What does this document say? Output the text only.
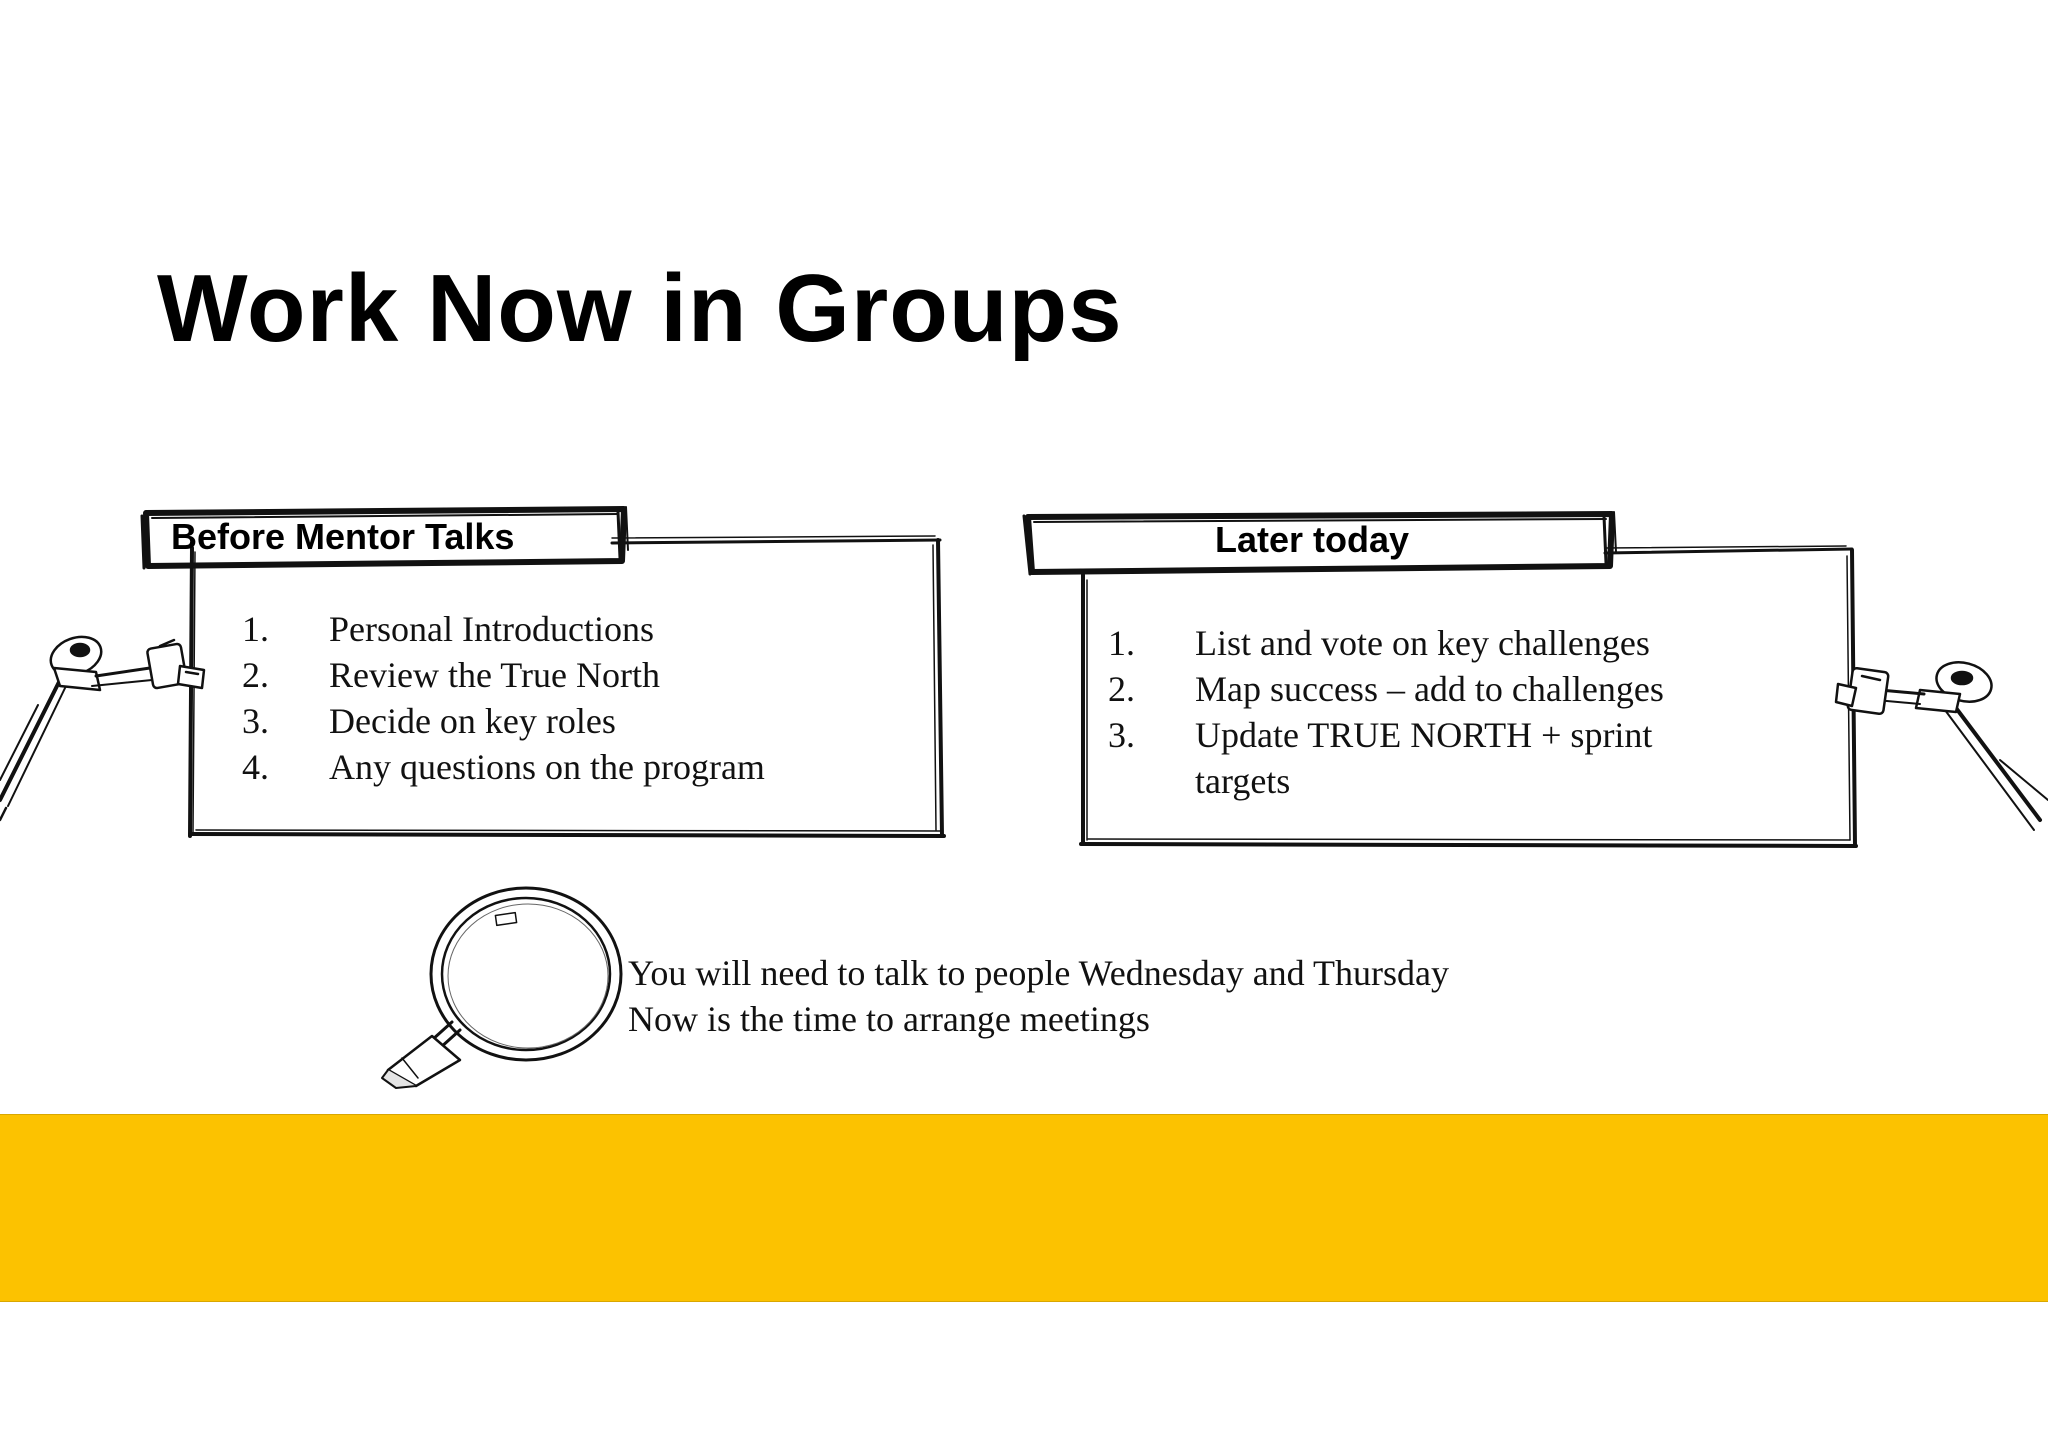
Work Now in Groups
Before Mentor Talks
1. Personal Introductions
2. Review the True North
3. Decide on key roles
4. Any questions on the program
Later today
1. List and vote on key challenges
2. Map success – add to challenges
3. Update TRUE NORTH + sprint targets
You will need to talk to people Wednesday and Thursday
Now is the time to arrange meetings
